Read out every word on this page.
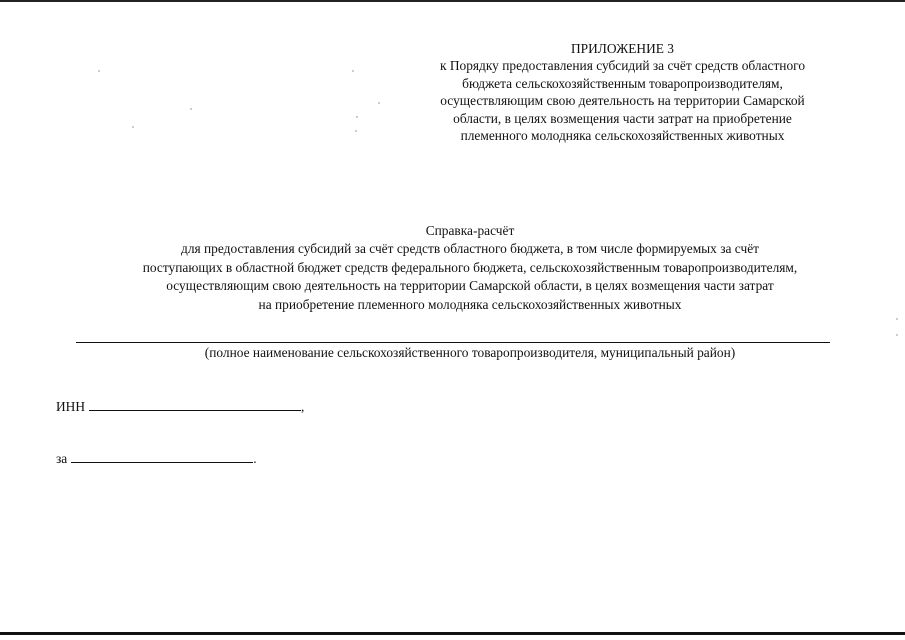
ПРИЛОЖЕНИЕ 3
к Порядку предоставления субсидий за счёт средств областного
бюджета сельскохозяйственным товаропроизводителям,
осуществляющим свою деятельность на территории Самарской
области, в целях возмещения части затрат на приобретение
племенного молодняка сельскохозяйственных животных
Справка-расчёт
для предоставления субсидий за счёт средств областного бюджета, в том числе формируемых за счёт
поступающих в областной бюджет средств федерального бюджета, сельскохозяйственным товаропроизводителям,
осуществляющим свою деятельность на территории Самарской области, в целях возмещения части затрат
на приобретение племенного молодняка сельскохозяйственных животных
(полное наименование сельскохозяйственного товаропроизводителя, муниципальный район)
ИНН	,
за	.
